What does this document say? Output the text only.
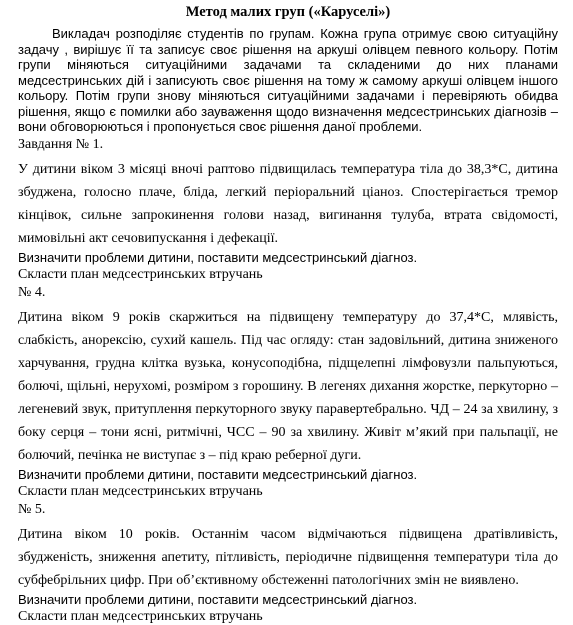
Метод малих груп («Каруселі»)

Викладач розподіляє студентів по групам. Кожна група отримує свою ситуаційну задачу , вирішує її та записує своє рішення на аркуші олівцем певного кольору. Потім групи міняються ситуаційними задачами та складеними до них планами медсестринських дій і записують своє рішення на тому ж самому аркуші олівцем іншого кольору. Потім групи знову міняються ситуаційними задачами і перевіряють обидва рішення, якщо є помилки або зауваження щодо визначення медсестринських діагнозів – вони обговорюються і пропонується своє рішення даної проблеми.

Завдання № 1.

У дитини віком 3 місяці вночі раптово підвищилась температура тіла до 38,3*С, дитина збуджена, голосно плаче, бліда, легкий періоральний ціаноз. Спостерігається тремор кінцівок, сильне запрокинення голови назад, вигинання тулуба, втрата свідомості, мимовільні акт сечовипускання і дефекації.

Визначити проблеми дитини, поставити медсестринський діагноз.
Скласти план медсестринських втручань
№ 4.

Дитина віком 9 років скаржиться на підвищену температуру до 37,4*С, млявість, слабкість, анорексію, сухий кашель. Під час огляду: стан задовільний, дитина зниженого харчування, грудна клітка вузька, конусоподібна, підщелепні лімфовузли пальпуються, болючі, щільні, нерухомі, розміром з горошину. В легенях дихання жорстке, перкуторно – легеневий звук, притуплення перкуторного звуку паравертебрально. ЧД – 24 за хвилину, з боку серця – тони ясні, ритмічні, ЧСС – 90 за хвилину. Живіт м’який при пальпації, не болючий, печінка не виступає з – під краю реберної дуги.

Визначити проблеми дитини, поставити медсестринський діагноз.
Скласти план медсестринських втручань
№ 5.

Дитина віком 10 років. Останнім часом відмічаються підвищена дратівливість, збудженість, зниження апетиту, пітливість, періодичне підвищення температури тіла до субфебрільних цифр. При об’єктивному обстеженні патологічних змін не виявлено.

Визначити проблеми дитини, поставити медсестринський діагноз.
Скласти план медсестринських втручань
